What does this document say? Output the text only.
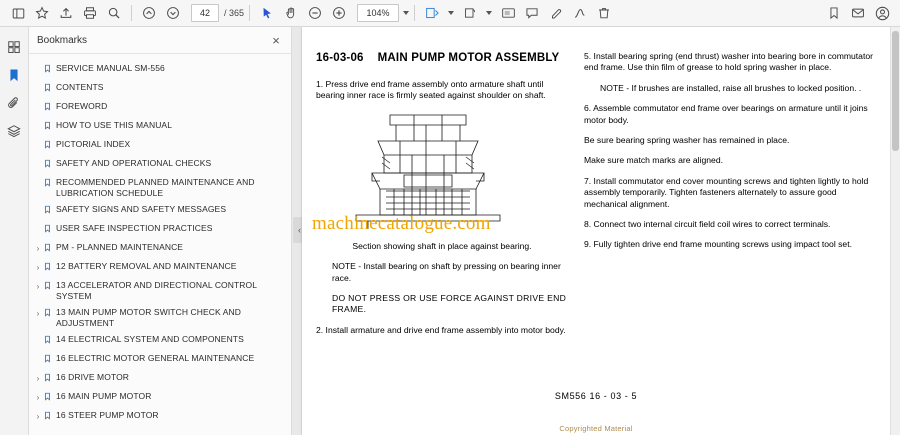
42	/ 365	104%
Bookmarks	×
SERVICE MANUAL SM-556
CONTENTS
FOREWORD
HOW TO USE THIS MANUAL
PICTORIAL INDEX
SAFETY AND OPERATIONAL CHECKS
RECOMMENDED PLANNED MAINTENANCE AND LUBRICATION SCHEDULE
SAFETY SIGNS AND SAFETY MESSAGES
USER SAFE INSPECTION PRACTICES
›	PM - PLANNED MAINTENANCE
›	12 BATTERY REMOVAL AND MAINTENANCE
›	13 ACCELERATOR AND DIRECTIONAL CONTROL SYSTEM
›	13 MAIN PUMP MOTOR SWITCH CHECK AND ADJUSTMENT
14 ELECTRICAL SYSTEM AND COMPONENTS
16 ELECTRIC MOTOR GENERAL MAINTENANCE
›	16 DRIVE MOTOR
›	16 MAIN PUMP MOTOR
›	16 STEER PUMP MOTOR
‹
16-03-06 MAIN PUMP MOTOR ASSEMBLY
1. Press drive end frame assembly onto armature shaft until bearing inner race is firmly seated against shoulder on shaft.
Section showing shaft in place against bearing.
NOTE - Install bearing on shaft by pressing on bearing inner race.
DO NOT PRESS OR USE FORCE AGAINST DRIVE END FRAME.
2. Install armature and drive end frame assembly into motor body.
5. Install bearing spring (end thrust) washer into bearing bore in commutator end frame. Use thin film of grease to hold spring washer in place.
NOTE - If brushes are installed, raise all brushes to locked position. .
6. Assemble commutator end frame over bearings on armature until it joins motor body.
Be sure bearing spring washer has remained in place.
Make sure match marks are aligned.
7. Install commutator end cover mounting screws and tighten lightly to hold assembly temporarily. Tighten fasteners alternately to assure good mechanical alignment.
8. Connect two internal circuit field coil wires to correct terminals.
9. Fully tighten drive end frame mounting screws using impact tool set.
machinecatalogue.com
SM556 16 - 03 - 5
Copyrighted Material
